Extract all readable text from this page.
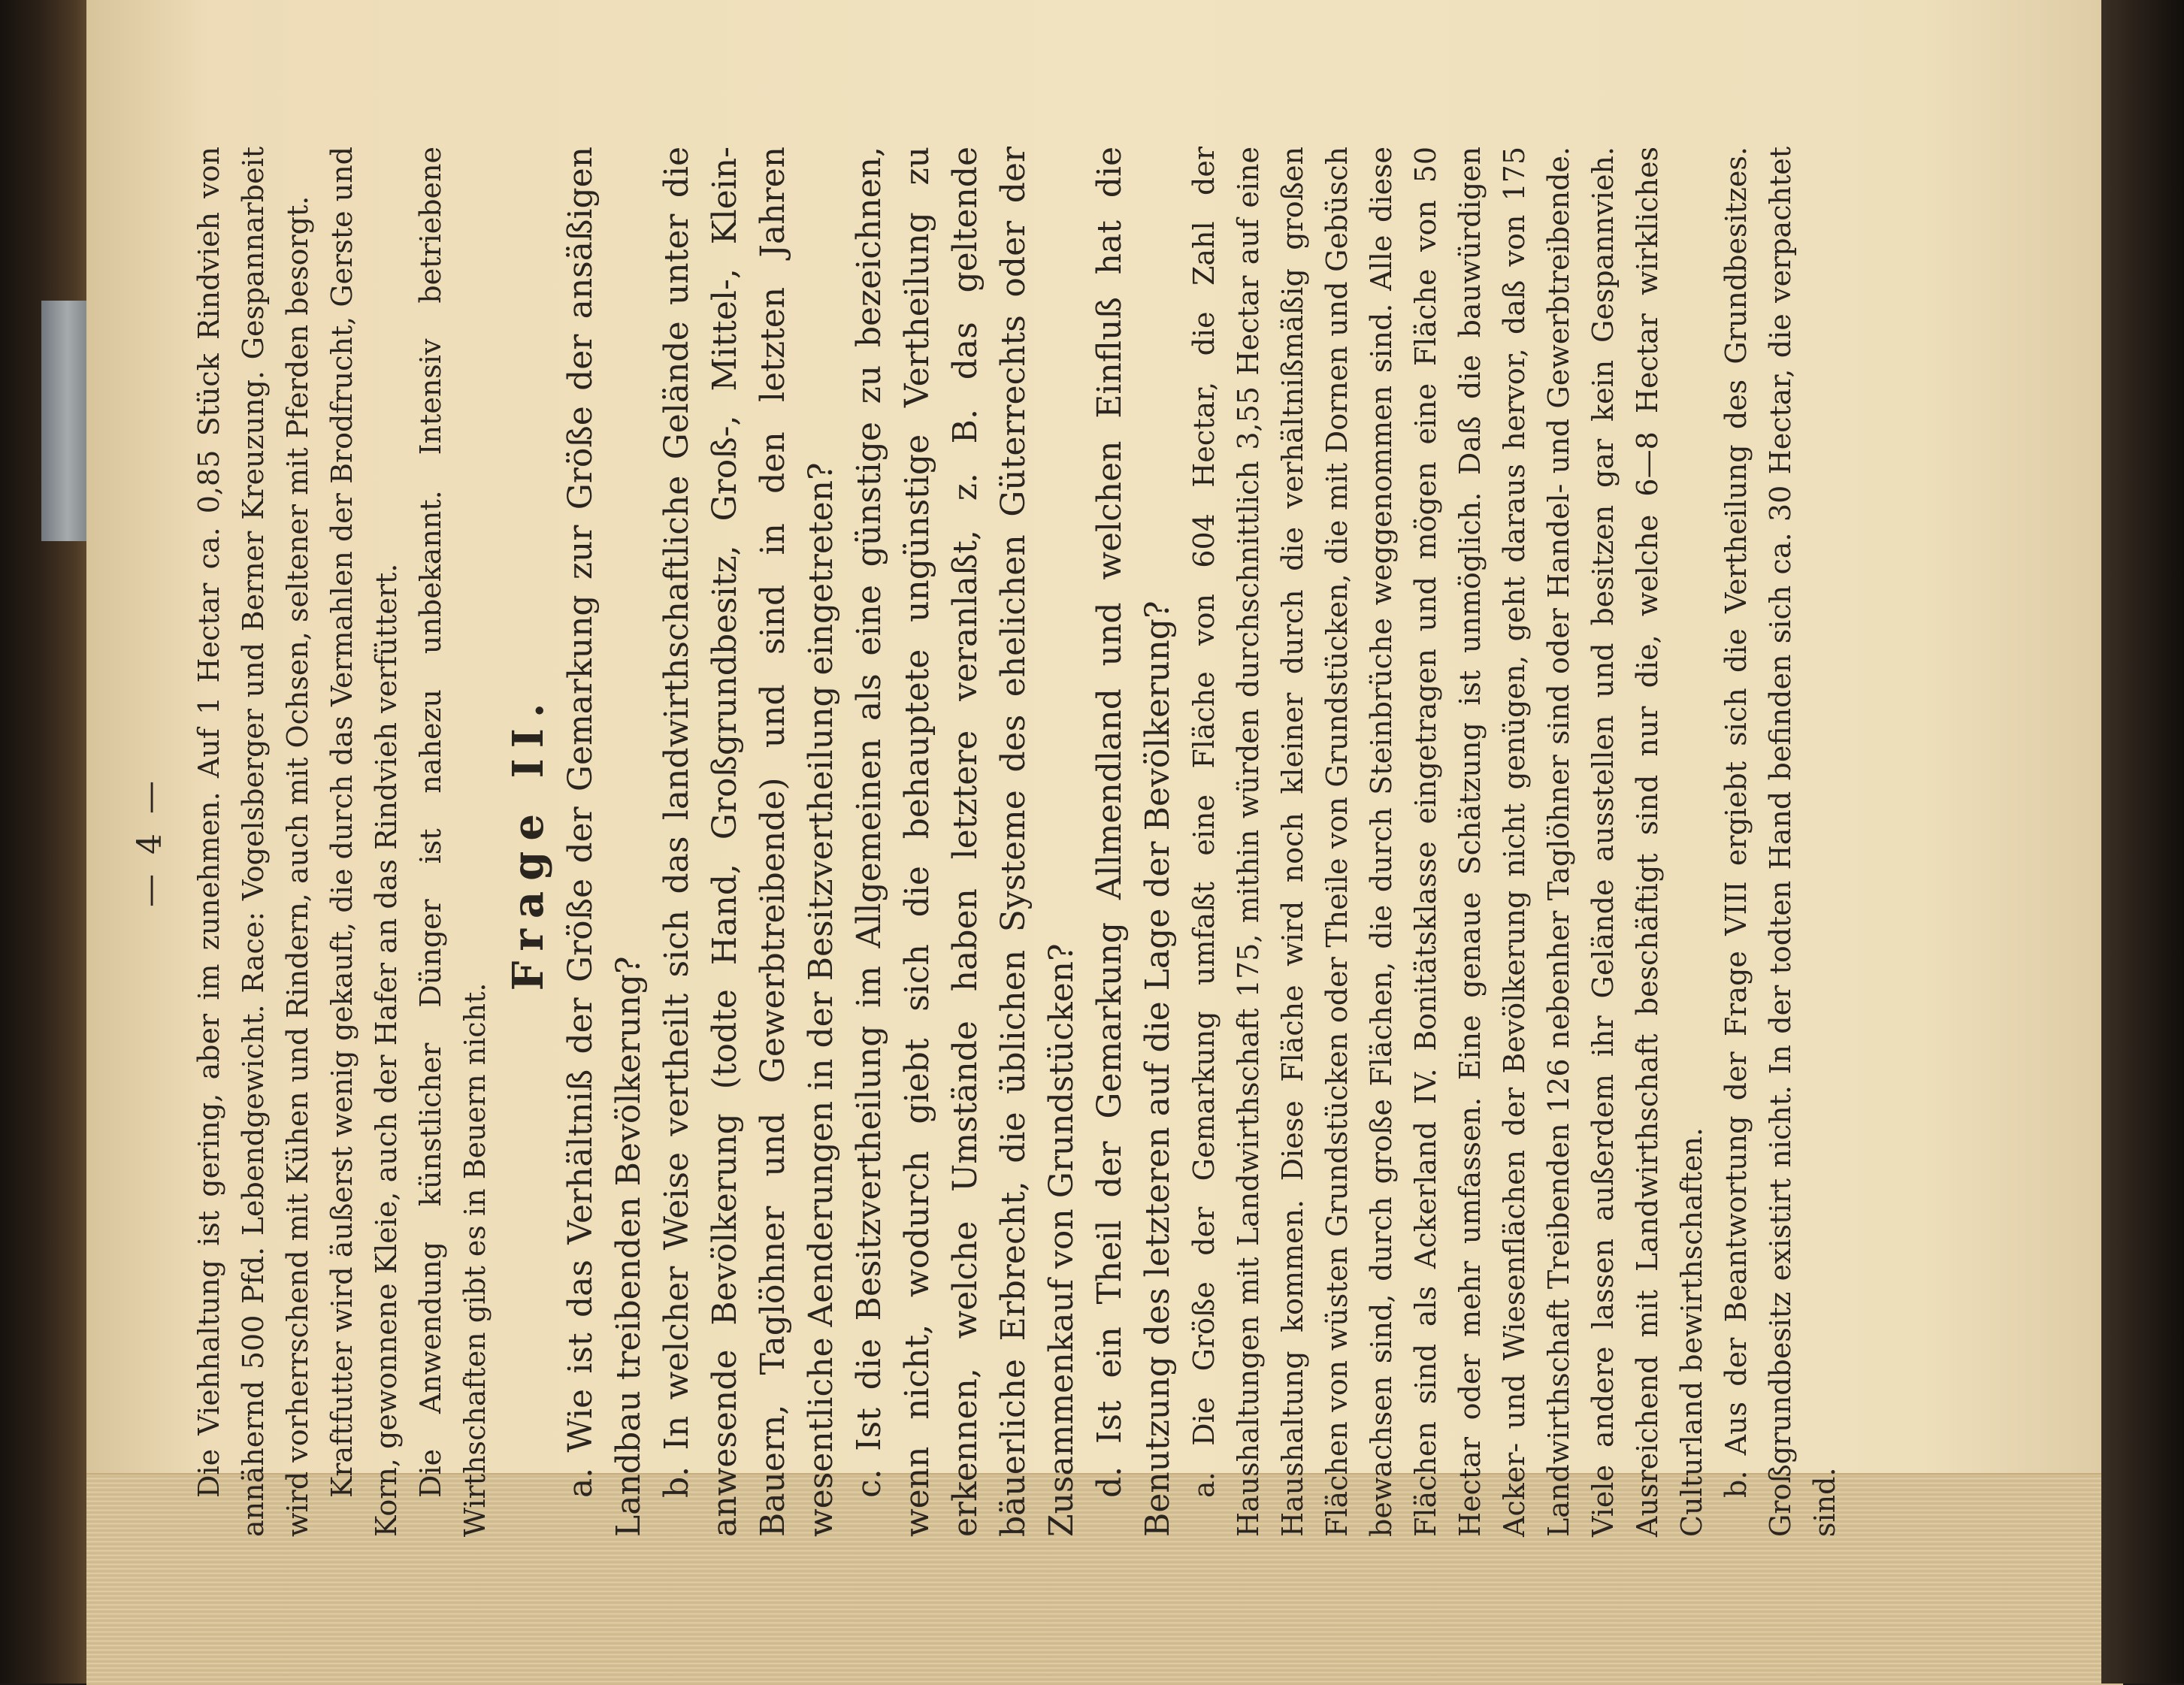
— 4 — Die Viehhaltung ist gering, aber im zunehmen. Auf 1 Hectar ca. 0,85 Stück Rindvieh von annähernd 500 Pfd. Lebendgewicht. Race: Vogelsberger und Berner Kreuzung. Gespannarbeit wird vorherrschend mit Kühen und Rindern, auch mit Ochsen, seltener mit Pferden besorgt. Kraftfutter wird äußerst wenig gekauft, die durch das Vermahlen der Brodfrucht, Gerste und Korn, gewonnene Kleie, auch der Hafer an das Rindvieh verfüttert. Die Anwendung künstlicher Dünger ist nahezu unbekannt. Intensiv betriebene Wirthschaften gibt es in Beuern nicht.

Frage II. a. Wie ist das Verhältniß der Größe der Gemarkung zur Größe der ansäßigen Landbau treibenden Bevölkerung? b. In welcher Weise vertheilt sich das landwirthschaftliche Gelände unter die anwesende Bevölkerung (todte Hand, Großgrundbesitz, Groß-, Mittel-, Klein-Bauern, Taglöhner und Gewerbtreibende) und sind in den letzten Jahren wesentliche Aenderungen in der Besitzvertheilung eingetreten? c. Ist die Besitzvertheilung im Allgemeinen als eine günstige zu bezeichnen, wenn nicht, wodurch giebt sich die behauptete ungünstige Vertheilung zu erkennen, welche Umstände haben letztere veranlaßt, z. B. das geltende bäuerliche Erbrecht, die üblichen Systeme des ehelichen Güterrechts oder der Zusammenkauf von Grundstücken? d. Ist ein Theil der Gemarkung Allmendland und welchen Einfluß hat die Benutzung des letzteren auf die Lage der Bevölkerung? a. Die Größe der Gemarkung umfaßt eine Fläche von 604 Hectar, die Zahl der Haushaltungen mit Landwirthschaft 175, mithin würden durchschnittlich 3,55 Hectar auf eine Haushaltung kommen. Diese Fläche wird noch kleiner durch die verhältnißmäßig großen Flächen von wüsten Grundstücken oder Theile von Grundstücken, die mit Dornen und Gebüsch bewachsen sind, durch große Flächen, die durch Steinbrüche weggenommen sind. Alle diese Flächen sind als Ackerland IV. Bonitätsklasse eingetragen und mögen eine Fläche von 50 Hectar oder mehr umfassen. Eine genaue Schätzung ist unmöglich. Daß die bauwürdigen Acker- und Wiesenflächen der Bevölkerung nicht genügen, geht daraus hervor, daß von 175 Landwirthschaft Treibenden 126 nebenher Taglöhner sind oder Handel- und Gewerbtreibende. Viele andere lassen außerdem ihr Gelände ausstellen und besitzen gar kein Gespannvieh. Ausreichend mit Landwirthschaft beschäftigt sind nur die, welche 6—8 Hectar wirkliches Culturland bewirthschaften. b. Aus der Beantwortung der Frage VIII ergiebt sich die Vertheilung des Grundbesitzes. Großgrundbesitz existirt nicht. In der todten Hand befinden sich ca. 30 Hectar, die verpachtet sind.
